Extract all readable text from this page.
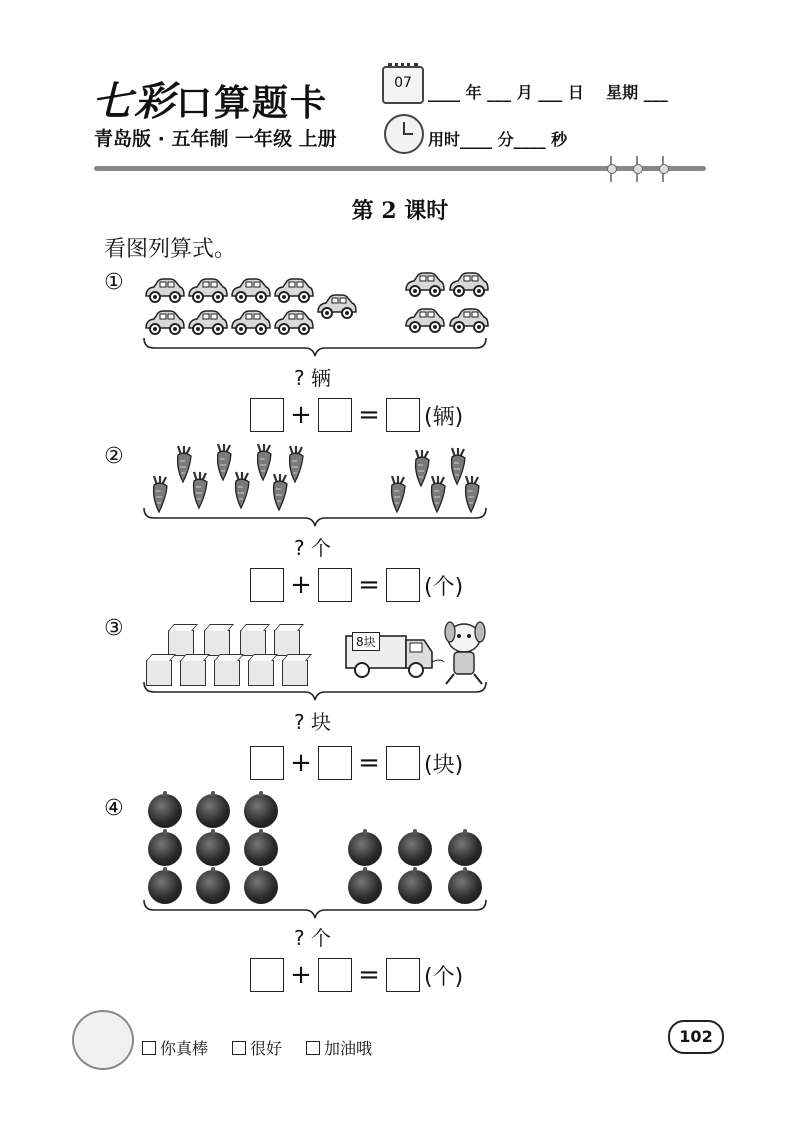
七彩口算题卡
青岛版 · 五年制 一年级 上册
07	____ 年 ___ 月 ___ 日    星期 ___
用时____ 分____ 秒
第 2 课时
看图列算式。
①
? 辆
+ = (辆)
②
? 个
+ = (个)
③
8块
? 块
+ = (块)
④
? 个
+ = (个)
你真棒	很好	加油哦
102
